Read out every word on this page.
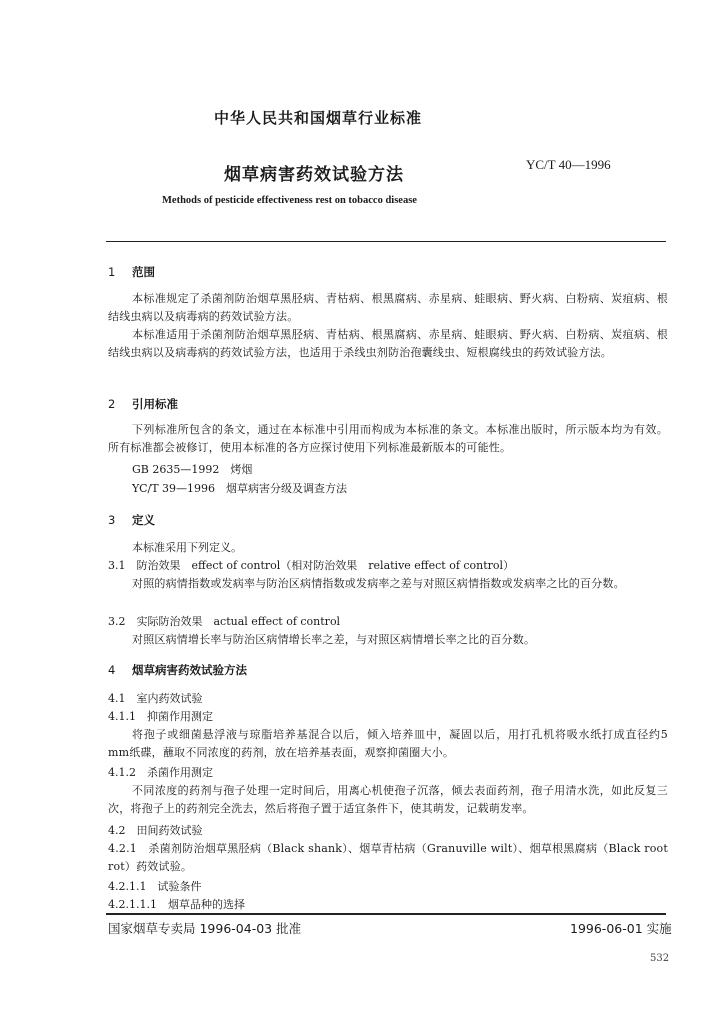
中华人民共和国烟草行业标准
烟草病害药效试验方法
YC/T 40—1996
Methods of pesticide effectiveness rest on tobacco disease
1 范围
本标准规定了杀菌剂防治烟草黑胫病、青枯病、根黑腐病、赤星病、蛙眼病、野火病、白粉病、炭疽病、根结线虫病以及病毒病的药效试验方法。
本标准适用于杀菌剂防治烟草黑胫病、青枯病、根黑腐病、赤星病、蛙眼病、野火病、白粉病、炭疽病、根结线虫病以及病毒病的药效试验方法，也适用于杀线虫剂防治孢囊线虫、短根腐线虫的药效试验方法。
2 引用标准
下列标准所包含的条文，通过在本标准中引用而构成为本标准的条文。本标准出版时，所示版本均为有效。所有标准都会被修订，使用本标准的各方应探讨使用下列标准最新版本的可能性。
GB 2635—1992　烤烟
YC/T 39—1996　烟草病害分级及调查方法
3 定义
本标准采用下列定义。
3.1　防治效果　effect of control（相对防治效果　relative effect of control）
对照的病情指数或发病率与防治区病情指数或发病率之差与对照区病情指数或发病率之比的百分数。
3.2　实际防治效果　actual effect of control
对照区病情增长率与防治区病情增长率之差，与对照区病情增长率之比的百分数。
4 烟草病害药效试验方法
4.1　室内药效试验
4.1.1　抑菌作用测定
将孢子或细菌悬浮液与琼脂培养基混合以后，倾入培养皿中，凝固以后，用打孔机将吸水纸打成直径约5 mm纸碟，蘸取不同浓度的药剂，放在培养基表面，观察抑菌圈大小。
4.1.2　杀菌作用测定
不同浓度的药剂与孢子处理一定时间后，用离心机使孢子沉落，倾去表面药剂，孢子用清水洗，如此反复三次，将孢子上的药剂完全洗去，然后将孢子置于适宜条件下，使其萌发，记载萌发率。
4.2　田间药效试验
4.2.1　杀菌剂防治烟草黑胫病（Black shank）、烟草青枯病（Granuville wilt）、烟草根黑腐病（Black root rot）药效试验。
4.2.1.1　试验条件
4.2.1.1.1　烟草品种的选择
国家烟草专卖局 1996-04-03 批准	1996-06-01 实施
532
